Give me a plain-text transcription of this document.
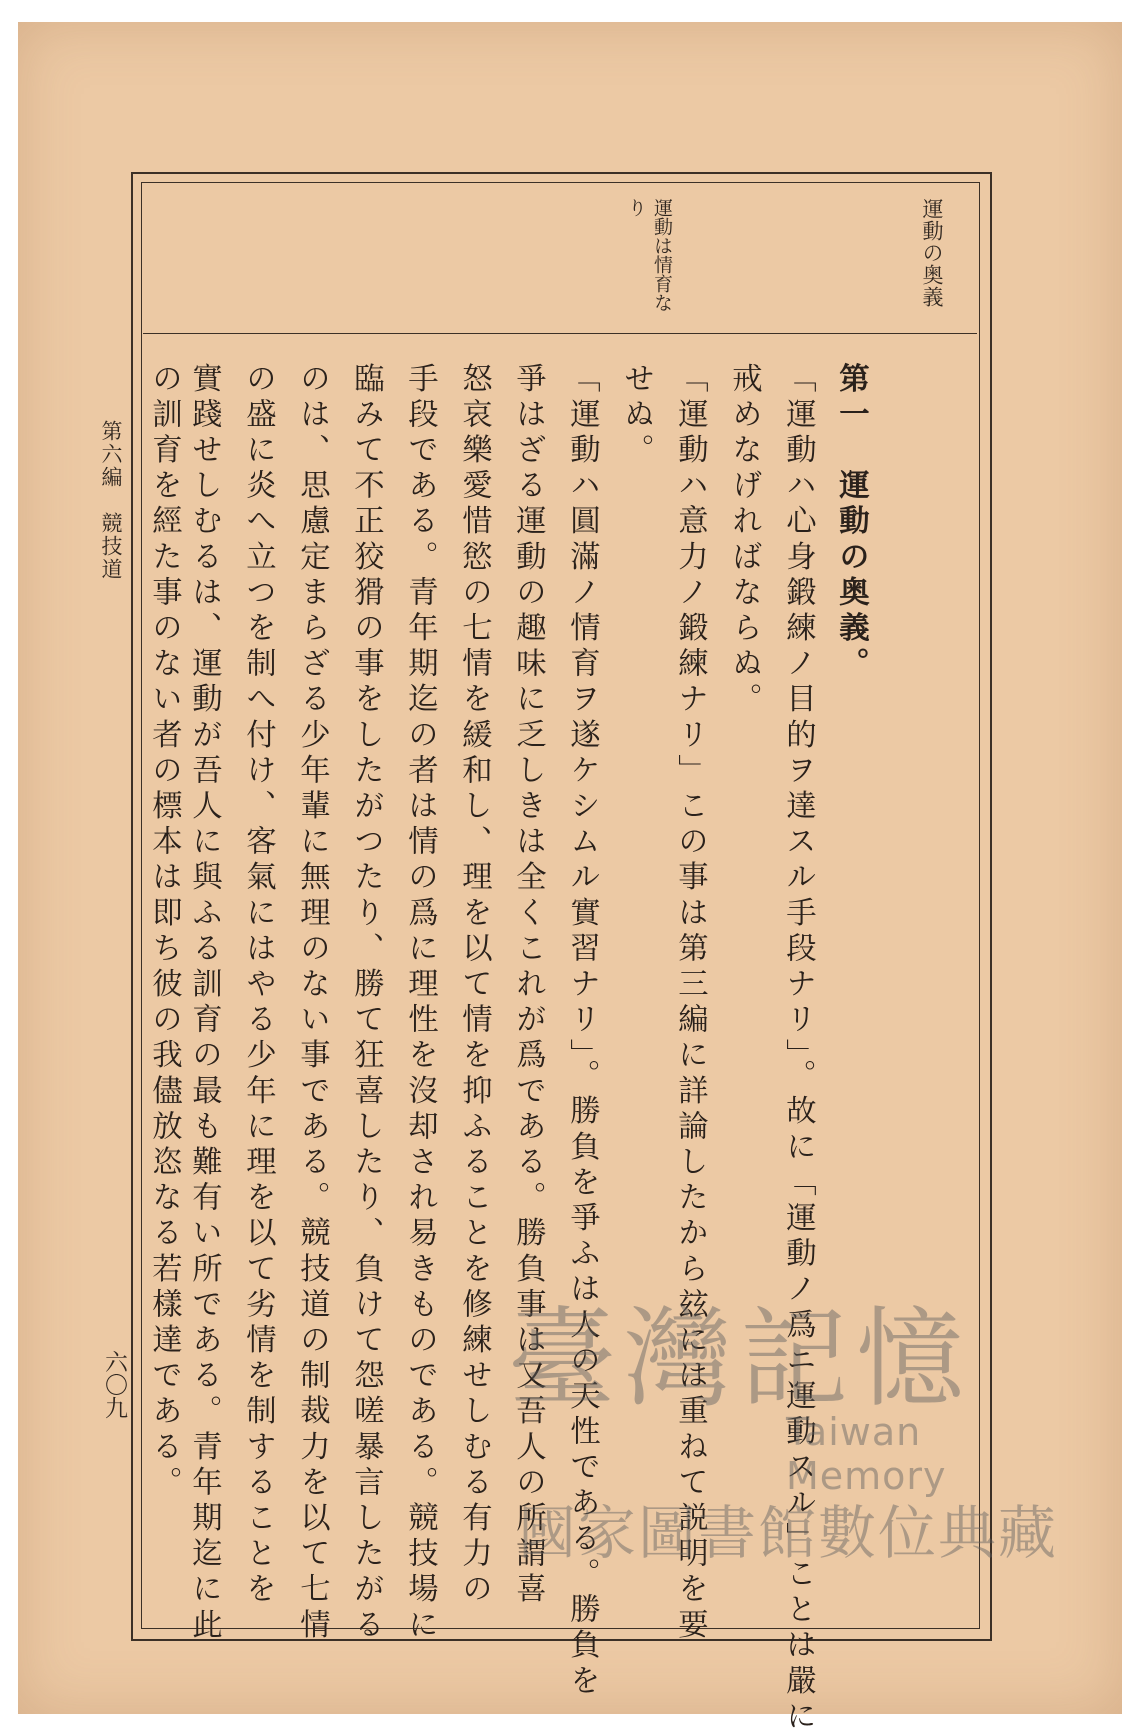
運動の奥義
運動は情育なり
第一　運動の奥義。
「運動ハ心身鍛練ノ目的ヲ達スル手段ナリ」。故に「運動ノ爲ニ運動スル」ことは嚴に
戒めなげればならぬ。
「運動ハ意力ノ鍛練ナリ」この事は第三編に詳論したから玆には重ねて説明を要
せぬ。
「運動ハ圓滿ノ情育ヲ遂ケシムル實習ナリ」。勝負を爭ふは人の天性である。勝負を
爭はざる運動の趣味に乏しきは全くこれが爲である。勝負事は又吾人の所謂喜
怒哀樂愛惜慾の七情を緩和し、理を以て情を抑ふることを修練せしむる有力の
手段である。青年期迄の者は情の爲に理性を沒却され易きものである。競技場に
臨みて不正狡猾の事をしたがつたり、勝て狂喜したり、負けて怨嗟暴言したがる
のは、思慮定まらざる少年輩に無理のない事である。競技道の制裁力を以て七情
の盛に炎へ立つを制へ付け、客氣にはやる少年に理を以て劣情を制することを
實踐せしむるは、運動が吾人に與ふる訓育の最も難有い所である。青年期迄に此
の訓育を經た事のない者の標本は即ち彼の我儘放恣なる若樣達である。
第六編　競技道
六〇九	臺灣記憶
Taiwan Memory
國家圖書館數位典藏
